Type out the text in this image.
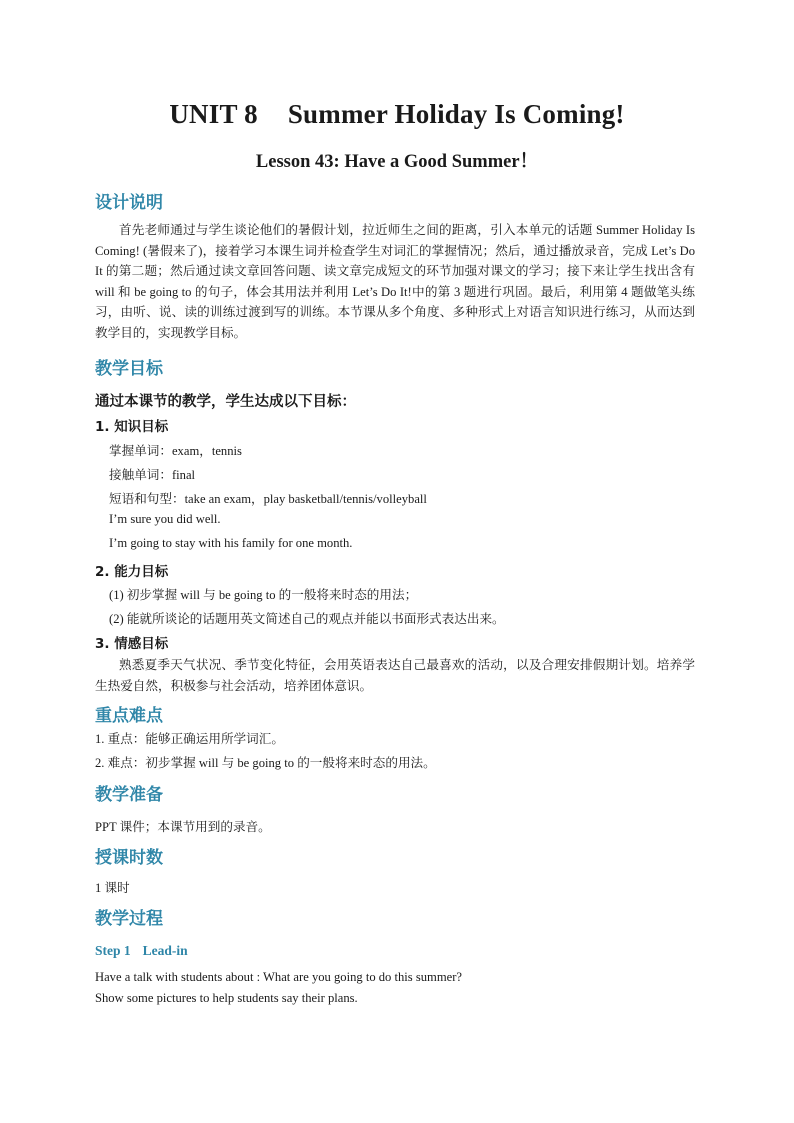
UNIT 8 Summer Holiday Is Coming!
Lesson 43: Have a Good Summer！
设计说明
首先老师通过与学生谈论他们的暑假计划，拉近师生之间的距离，引入本单元的话题 Summer Holiday Is Coming! (暑假来了)，接着学习本课生词并检查学生对词汇的掌握情况；然后，通过播放录音，完成 Let’s Do It 的第二题；然后通过读文章回答问题、读文章完成短文的环节加强对课文的学习；接下来让学生找出含有 will 和 be going to 的句子，体会其用法并利用 Let’s Do It!中的第 3 题进行巩固。最后，利用第 4 题做笔头练习，由听、说、读的训练过渡到写的训练。本节课从多个角度、多种形式上对语言知识进行练习，从而达到教学目的，实现教学目标。
教学目标
通过本课节的教学，学生达成以下目标：
1. 知识目标
掌握单词：exam，tennis
接触单词：final
短语和句型：take an exam，play basketball/tennis/volleyball
I’m sure you did well.
I’m going to stay with his family for one month.
2. 能力目标
(1) 初步掌握 will 与 be going to 的一般将来时态的用法；
(2) 能就所谈论的话题用英文简述自己的观点并能以书面形式表达出来。
3. 情感目标
熟悉夏季天气状况、季节变化特征，会用英语表达自己最喜欢的活动，以及合理安排假期计划。培养学生热爱自然，积极参与社会活动，培养团体意识。
重点难点
1. 重点：能够正确运用所学词汇。
2. 难点：初步掌握 will 与 be going to 的一般将来时态的用法。
教学准备
PPT 课件；本课节用到的录音。
授课时数
1 课时
教学过程
Step 1 Lead-in
Have a talk with students about : What are you going to do this summer?
Show some pictures to help students say their plans.
